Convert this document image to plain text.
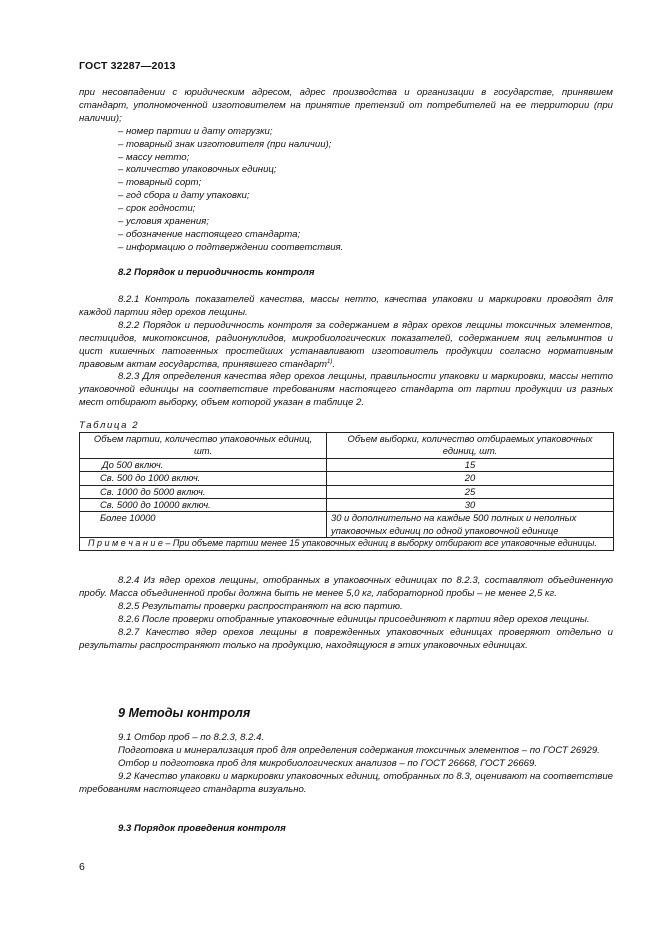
ГОСТ 32287—2013

при несовпадении с юридическим адресом, адрес производства и организации в государстве, принявшем стандарт, уполномоченной изготовителем на принятие претензий от потребителей на ее территории (при наличии);

– номер партии и дату отгрузки;
– товарный знак изготовителя (при наличии);
– массу нетто;
– количество упаковочных единиц;
– товарный сорт;
– год сбора и дату упаковки;
– срок годности;
– условия хранения;
– обозначение настоящего стандарта;
– информацию о подтверждении соответствия.
8.2 Порядок и периодичность контроля

8.2.1 Контроль показателей качества, массы нетто, качества упаковки и маркировки проводят для каждой партии ядер орехов лещины.

8.2.2 Порядок и периодичность контроля за содержанием в ядрах орехов лещины токсичных элементов, пестицидов, микотоксинов, радионуклидов, микробиологических показателей, содержанием яиц гельминтов и цист кишечных патогенных простейших устанавливают изготовитель продукции согласно нормативным правовым актам государства, принявшего стандарт$^{1)}$.

8.2.3 Для определения качества ядер орехов лещины, правильности упаковки и маркировки, массы нетто упаковочной единицы на соответствие требованиям настоящего стандарта от партии продукции из разных мест отбирают выборку, объем которой указан в таблице 2.

Таблица 2
Объем партии, количество упаковочных единиц, шт.	Объем выборки, количество отбираемых упаковочных единиц, шт.
До 500 включ.	15
Св. 500 до 1000 включ.	20
Св. 1000 до 5000 включ.	25
Св. 5000 до 10000 включ.	30
Более 10000	30 и дополнительно на каждые 500 полных и неполных упаковочных единиц по одной упаковочной единице
П р и м е ч а н и е – При объеме партии менее 15 упаковочных единиц в выборку отбирают все упаковочные единицы.	

8.2.4 Из ядер орехов лещины, отобранных в упаковочных единицах по 8.2.3, составляют объединенную пробу. Масса объединенной пробы должна быть не менее 5,0 кг, лабораторной пробы – не менее 2,5 кг.

8.2.5 Результаты проверки распространяют на всю партию.

8.2.6 После проверки отобранные упаковочные единицы присоединяют к партии ядер орехов лещины.

8.2.7 Качество ядер орехов лещины в поврежденных упаковочных единицах проверяют отдельно и результаты распространяют только на продукцию, находящуюся в этих упаковочных единицах.

9 Методы контроля

9.1 Отбор проб – по 8.2.3, 8.2.4.

Подготовка и минерализация проб для определения содержания токсичных элементов – по ГОСТ 26929.

Отбор и подготовка проб для микробиологических анализов – по ГОСТ 26668, ГОСТ 26669.

9.2 Качество упаковки и маркировки упаковочных единиц, отобранных по 8.3, оценивают на соответствие требованиям настоящего стандарта визуально.

9.3 Порядок проведения контроля
6
